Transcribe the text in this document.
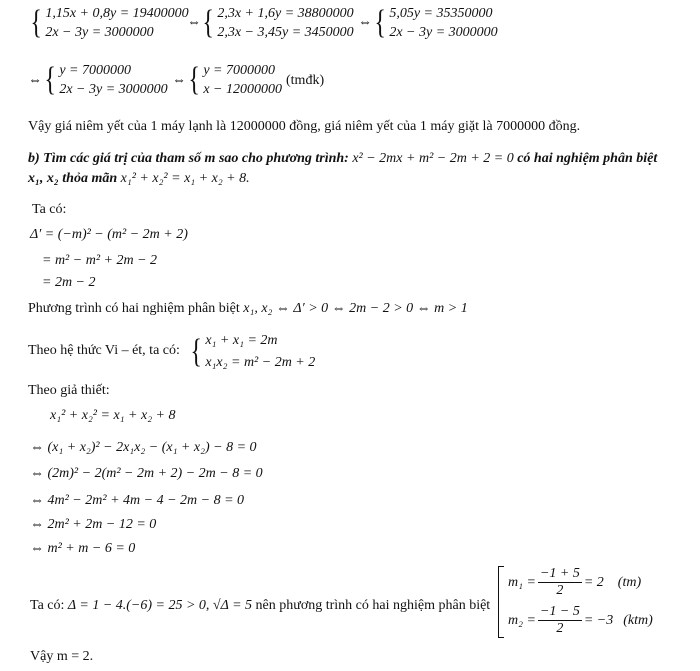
{ 1,15x + 0,8y = 19400000
2x − 3y = 3000000
⇔ { 2,3x + 1,6y = 38800000
2,3x − 3,45y = 3450000
⇔ { 5,05y = 35350000
2x − 3y = 3000000
⇔ { y = 7000000
2x − 3y = 3000000
⇔ { y = 7000000
x − 12000000
(tmđk)
Vậy giá niêm yết của 1 máy lạnh là 12000000 đồng, giá niêm yết của 1 máy giặt là 7000000 đồng.
b) Tìm các giá trị của tham số m sao cho phương trình: x² − 2mx + m² − 2m + 2 = 0 có hai nghiệm phân biệt
x₁, x₂ thỏa mãn x₁² + x₂² = x₁ + x₂ + 8.
Ta có:
Δ′ = (−m)² − (m² − 2m + 2)
= m² − m² + 2m − 2
= 2m − 2
Phương trình có hai nghiệm phân biệt x₁, x₂ ⇔ Δ′ > 0 ⇔ 2m − 2 > 0 ⇔ m > 1
Theo hệ thức Vi – ét, ta có: { x₁ + x₁ = 2m
x₁x₂ = m² − 2m + 2
Theo giả thiết:
x₁² + x₂² = x₁ + x₂ + 8
⇔ (x₁ + x₂)² − 2x₁x₂ − (x₁ + x₂) − 8 = 0
⇔ (2m)² − 2(m² − 2m + 2) − 2m − 8 = 0
⇔ 4m² − 2m² + 4m − 4 − 2m − 8 = 0
⇔ 2m² + 2m − 12 = 0
⇔ m² + m − 6 = 0
Ta có: Δ = 1 − 4.(−6) = 25 > 0, √Δ = 5 nên phương trình có hai nghiệm phân biệt
$m_1 = \frac{-1 + 5}{2} = 2$ (tm)
$m_2 = \frac{-1 - 5}{2} = -3$ (ktm)
Vậy m = 2.
